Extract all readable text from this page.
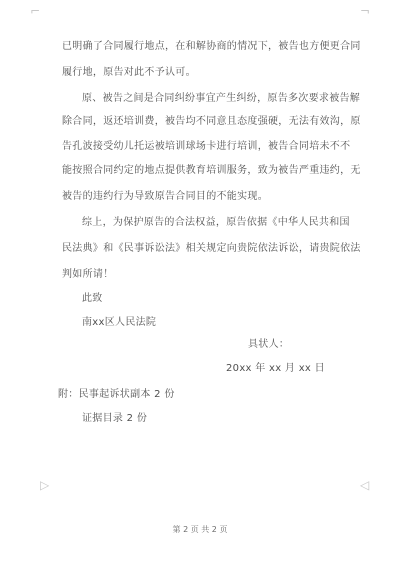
⌐	¬
▷	◁
已明确了合同履行地点，在和解协商的情况下，被告也方便更合同
履行地，原告对此不予认可。
原、被告之间是合同纠纷事宜产生纠纷，原告多次要求被告解
除合同，返还培训费，被告均不同意且态度强硬，无法有效沟，原
告孔波接受幼儿托运被培训球场卡进行培训，被告合同培未不不
能按照合同约定的地点提供教育培训服务，致为被告严重违约，无
被告的违约行为导致原告合同目的不能实现。
综上，为保护原告的合法权益，原告依据《中华人民共和国
民法典》和《民事诉讼法》相关规定向贵院依法诉讼，请贵院依法
判如所请！
此致
南xx区人民法院
具状人：
20xx 年 xx 月 xx 日
附：民事起诉状副本 2 份
证据目录 2 份
第 2 页 共 2 页
